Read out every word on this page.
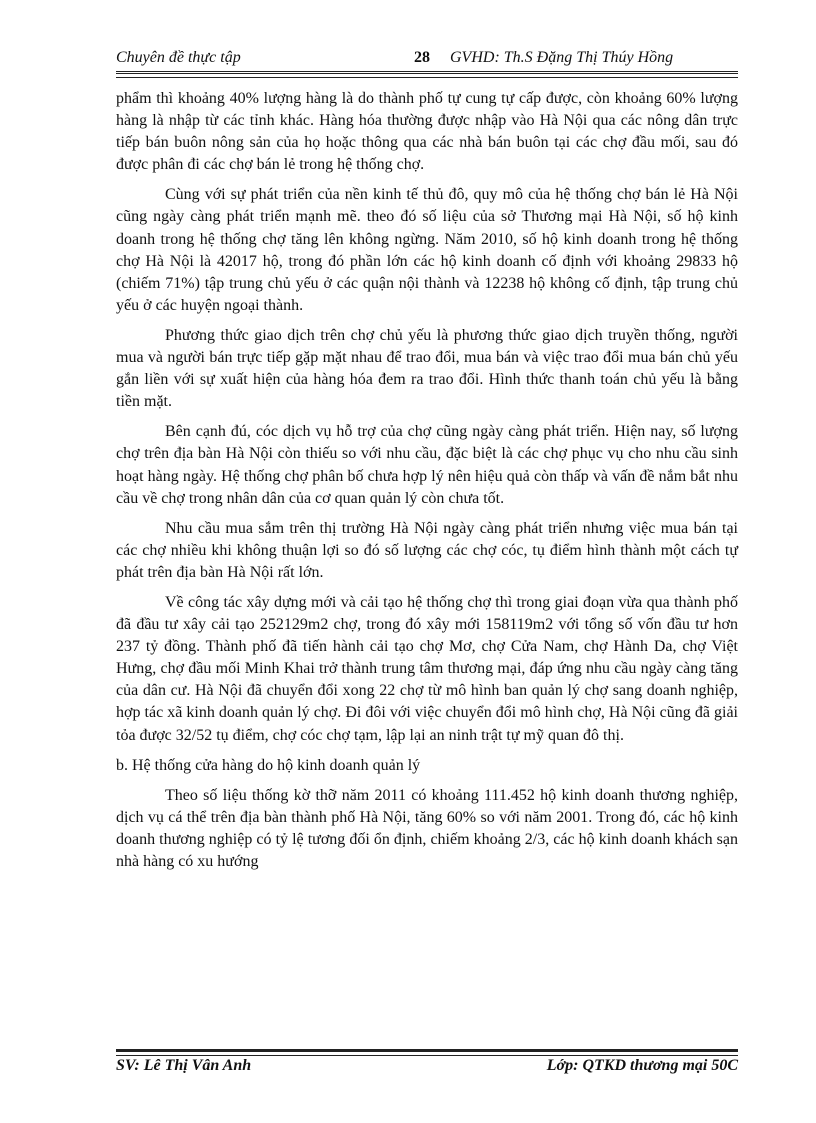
Chuyên đề thực tập	28 GVHD: Th.S Đặng Thị Thúy Hồng

phẩm thì khoảng 40% lượng hàng là do thành phố tự cung tự cấp được, còn khoảng 60% lượng hàng là nhập từ các tỉnh khác. Hàng hóa thường được nhập vào Hà Nội qua các nông dân trực tiếp bán buôn nông sản của họ hoặc thông qua các nhà bán buôn tại các chợ đầu mối, sau đó được phân đi các chợ bán lẻ trong hệ thống chợ.

Cùng với sự phát triển của nền kinh tế thủ đô, quy mô của hệ thống chợ bán lẻ Hà Nội cũng ngày càng phát triển mạnh mẽ. theo đó số liệu của sở Thương mại Hà Nội, số hộ kinh doanh trong hệ thống chợ tăng lên không ngừng. Năm 2010, số hộ kinh doanh trong hệ thống chợ Hà Nội là 42017 hộ, trong đó phần lớn các hộ kinh doanh cố định với khoảng 29833 hộ (chiếm 71%) tập trung chủ yếu ở các quận nội thành và 12238 hộ không cố định, tập trung chủ yếu ở các huyện ngoại thành.

Phương thức giao dịch trên chợ chủ yếu là phương thức giao dịch truyền thống, người mua và người bán trực tiếp gặp mặt nhau để trao đổi, mua bán và việc trao đổi mua bán chủ yếu gắn liền với sự xuất hiện của hàng hóa đem ra trao đổi. Hình thức thanh toán chủ yếu là bằng tiền mặt.

Bên cạnh đú, cóc dịch vụ hỗ trợ của chợ cũng ngày càng phát triển. Hiện nay, số lượng chợ trên địa bàn Hà Nội còn thiếu so với nhu cầu, đặc biệt là các chợ phục vụ cho nhu cầu sinh hoạt hàng ngày. Hệ thống chợ phân bố chưa hợp lý nên hiệu quả còn thấp và vấn đề nắm bắt nhu cầu về chợ trong nhân dân của cơ quan quản lý còn chưa tốt.

Nhu cầu mua sắm trên thị trường Hà Nội ngày càng phát triển nhưng việc mua bán tại các chợ nhiều khi không thuận lợi so đó số lượng các chợ cóc, tụ điểm hình thành một cách tự phát trên địa bàn Hà Nội rất lớn.

Về công tác xây dựng mới và cải tạo hệ thống chợ thì trong giai đoạn vừa qua thành phố đã đầu tư xây cải tạo 252129m2 chợ, trong đó xây mới 158119m2 với tổng số vốn đầu tư hơn 237 tỷ đồng. Thành phố đã tiến hành cải tạo chợ Mơ, chợ Cửa Nam, chợ Hành Da, chợ Việt Hưng, chợ đầu mối Minh Khai trở thành trung tâm thương mại, đáp ứng nhu cầu ngày càng tăng của dân cư. Hà Nội đã chuyển đổi xong 22 chợ từ mô hình ban quản lý chợ sang doanh nghiệp, hợp tác xã kinh doanh quản lý chợ. Đi đôi với việc chuyển đổi mô hình chợ, Hà Nội cũng đã giải tỏa được 32/52 tụ điểm, chợ cóc chợ tạm, lập lại an ninh trật tự mỹ quan đô thị.

b. Hệ thống cửa hàng do hộ kinh doanh quản lý

Theo số liệu thống kờ thỡ năm 2011 có khoảng 111.452 hộ kinh doanh thương nghiệp, dịch vụ cá thể trên địa bàn thành phố Hà Nội, tăng 60% so với năm 2001. Trong đó, các hộ kinh doanh thương nghiệp có tỷ lệ tương đối ổn định, chiếm khoảng 2/3, các hộ kinh doanh khách sạn nhà hàng có xu hướng

SV: Lê Thị Vân Anh	Lớp: QTKD thương mại 50C
